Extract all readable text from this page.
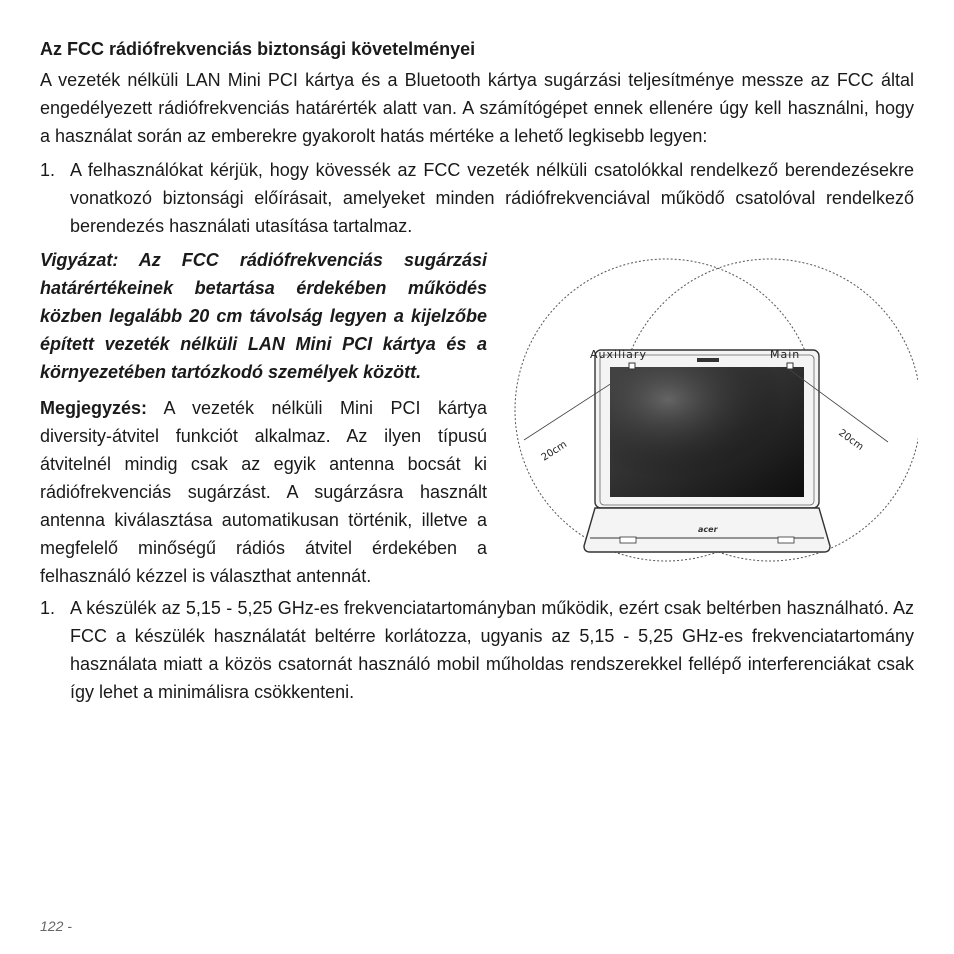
Az FCC rádiófrekvenciás biztonsági követelményei

A vezeték nélküli LAN Mini PCI kártya és a Bluetooth kártya sugárzási teljesítménye messze az FCC által engedélyezett rádiófrekvenciás határérték alatt van. A számítógépet ennek ellenére úgy kell használni, hogy a használat során az emberekre gyakorolt hatás mértéke a lehető legkisebb legyen:

1. A felhasználókat kérjük, hogy kövessék az FCC vezeték nélküli csatolókkal rendelkező berendezésekre vonatkozó biztonsági előírásait, amelyeket minden rádiófrekvenciával működő csatolóval rendelkező berendezés használati utasítása tartalmaz.

Vigyázat: Az FCC rádiófrekvenciás sugárzási határértékeinek betartása érdekében működés közben legalább 20 cm távolság legyen a kijelzőbe épített vezeték nélküli LAN Mini PCI kártya és a környezetében tartózkodó személyek között.

Megjegyzés: A vezeték nélküli Mini PCI kártya diversity-átvitel funkciót alkalmaz. Az ilyen típusú átvitelnél mindig csak az egyik antenna bocsát ki rádiófrekvenciás sugárzást. A sugárzásra használt antenna kiválasztása automatikusan történik, illetve a megfelelő minőségű rádiós átvitel érdekében a felhasználó kézzel is választhat antennát.

Auxiliary	Main
20cm	20cm
acer
1. A készülék az 5,15 - 5,25 GHz-es frekvenciatartományban működik, ezért csak beltérben használható. Az FCC a készülék használatát beltérre korlátozza, ugyanis az 5,15 - 5,25 GHz-es frekvenciatartomány használata miatt a közös csatornát használó mobil műholdas rendszerekkel fellépő interferenciákat csak így lehet a minimálisra csökkenteni.
122 -
